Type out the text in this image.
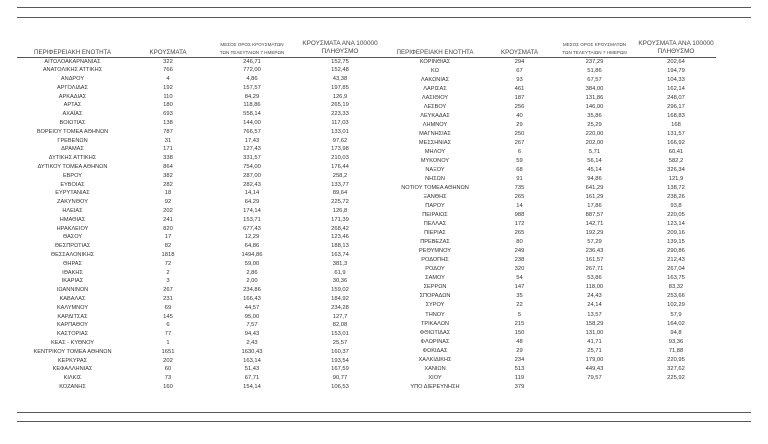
ΠΕΡΙΦΕΡΕΙΑΚΗ ΕΝΟΤΗΤΑ	ΚΡΟΥΣΜΑΤΑ	ΜΕΣΟΣ ΟΡΟΣ ΚΡΟΥΣΜΑΤΩΝ
ΤΩΝ ΤΕΛΕΥΤΑΙΩΝ 7 ΗΜΕΡΩΝ	ΚΡΟΥΣΜΑΤΑ ΑΝΑ 100000
ΠΛΗΘΥΣΜΟ
ΑΙΤΩΛΟΑΚΑΡΝΑΝΙΑΣ	322	246,71	152,75
ΑΝΑΤΟΛΙΚΗΣ ΑΤΤΙΚΗΣ	766	772,00	152,48
ΑΝΔΡΟΥ	4	4,86	43,38
ΑΡΓΟΛΙΔΑΣ	192	157,57	197,85
ΑΡΚΑΔΙΑΣ	110	84,29	126,9
ΑΡΤΑΣ	180	118,86	265,19
ΑΧΑΪΑΣ	693	558,14	223,33
ΒΟΙΩΤΙΑΣ	138	144,00	117,03
ΒΟΡΕΙΟΥ ΤΟΜΕΑ ΑΘΗΝΩΝ	787	766,57	133,01
ΓΡΕΒΕΝΩΝ	31	17,43	97,62
ΔΡΑΜΑΣ	171	127,43	173,98
ΔΥΤΙΚΗΣ ΑΤΤΙΚΗΣ	338	331,57	210,03
ΔΥΤΙΚΟΥ ΤΟΜΕΑ ΑΘΗΝΩΝ	864	754,00	176,44
ΕΒΡΟΥ	382	287,00	258,2
ΕΥΒΟΙΑΣ	282	282,43	133,77
ΕΥΡΥΤΑΝΙΑΣ	18	14,14	89,64
ΖΑΚΥΝΘΟΥ	92	64,29	225,72
ΗΛΕΙΑΣ	202	174,14	126,8
ΗΜΑΘΙΑΣ	241	153,71	171,39
ΗΡΑΚΛΕΙΟΥ	820	677,43	268,42
ΘΑΣΟΥ	17	12,29	123,46
ΘΕΣΠΡΩΤΙΑΣ	82	64,86	188,13
ΘΕΣΣΑΛΟΝΙΚΗΣ	1818	1494,86	163,74
ΘΗΡΑΣ	72	59,00	381,3
ΙΘΑΚΗΣ	2	2,86	61,9
ΙΚΑΡΙΑΣ	3	2,00	30,36
ΙΩΑΝΝΙΝΩΝ	267	234,86	159,02
ΚΑΒΑΛΑΣ	231	166,43	184,92
ΚΑΛΥΜΝΟΥ	69	44,57	234,28
ΚΑΡΔΙΤΣΑΣ	145	95,00	127,7
ΚΑΡΠΑΘΟΥ	6	7,57	82,08
ΚΑΣΤΟΡΙΑΣ	77	94,43	153,01
ΚΕΑΣ - ΚΥΘΝΟΥ	1	2,43	25,57
ΚΕΝΤΡΙΚΟΥ ΤΟΜΕΑ ΑΘΗΝΩΝ	1651	1630,43	160,37
ΚΕΡΚΥΡΑΣ	202	163,14	193,54
ΚΕΦΑΛΛΗΝΙΑΣ	60	51,43	167,59
ΚΙΛΚΙΣ	73	67,71	90,77
ΚΟΖΑΝΗΣ	160	154,14	106,53
ΠΕΡΙΦΕΡΕΙΑΚΗ ΕΝΟΤΗΤΑ	ΚΡΟΥΣΜΑΤΑ	ΜΕΣΟΣ ΟΡΟΣ ΚΡΟΥΣΜΑΤΩΝ
ΤΩΝ ΤΕΛΕΥΤΑΙΩΝ 7 ΗΜΕΡΩΝ	ΚΡΟΥΣΜΑΤΑ ΑΝΑ 100000
ΠΛΗΘΥΣΜΟ
ΚΟΡΙΝΘΙΑΣ	294	237,29	202,64
ΚΩ	67	51,86	194,79
ΛΑΚΩΝΙΑΣ	93	67,57	104,33
ΛΑΡΙΣΑΣ	461	384,00	162,14
ΛΑΣΙΘΙΟΥ	187	131,86	248,07
ΛΕΣΒΟΥ	256	146,00	296,17
ΛΕΥΚΑΔΑΣ	40	35,86	168,83
ΛΗΜΝΟΥ	29	25,29	168
ΜΑΓΝΗΣΙΑΣ	250	220,00	131,57
ΜΕΣΣΗΝΙΑΣ	267	202,00	166,92
ΜΗΛΟΥ	6	5,71	60,41
ΜΥΚΟΝΟΥ	59	56,14	582,2
ΝΑΞΟΥ	68	45,14	326,34
ΝΗΣΩΝ	91	94,86	121,9
ΝΟΤΙΟΥ ΤΟΜΕΑ ΑΘΗΝΩΝ	735	641,29	138,72
ΞΑΝΘΗΣ	265	161,29	238,26
ΠΑΡΟΥ	14	17,86	93,8
ΠΕΙΡΑΙΩΣ	988	887,57	220,05
ΠΕΛΛΑΣ	172	142,71	123,14
ΠΙΕΡΙΑΣ	265	192,29	209,16
ΠΡΕΒΕΖΑΣ	80	57,29	139,15
ΡΕΘΥΜΝΟΥ	249	236,43	290,86
ΡΟΔΟΠΗΣ	238	161,57	212,43
ΡΟΔΟΥ	320	267,71	267,04
ΣΑΜΟΥ	54	53,86	163,75
ΣΕΡΡΩΝ	147	118,00	83,32
ΣΠΟΡΑΔΩΝ	35	24,43	253,66
ΣΥΡΟΥ	22	24,14	102,29
ΤΗΝΟΥ	5	13,57	57,9
ΤΡΙΚΑΛΩΝ	215	158,29	164,02
ΦΘΙΩΤΙΔΑΣ	150	131,00	94,8
ΦΛΩΡΙΝΑΣ	48	41,71	93,36
ΦΩΚΙΔΑΣ	29	25,71	71,88
ΧΑΛΚΙΔΙΚΗΣ	234	179,00	220,95
ΧΑΝΙΩΝ	513	449,43	327,62
ΧΙΟΥ	119	79,57	225,92
ΥΠΟ ΔΙΕΡΕΥΝΗΣΗ	379		
